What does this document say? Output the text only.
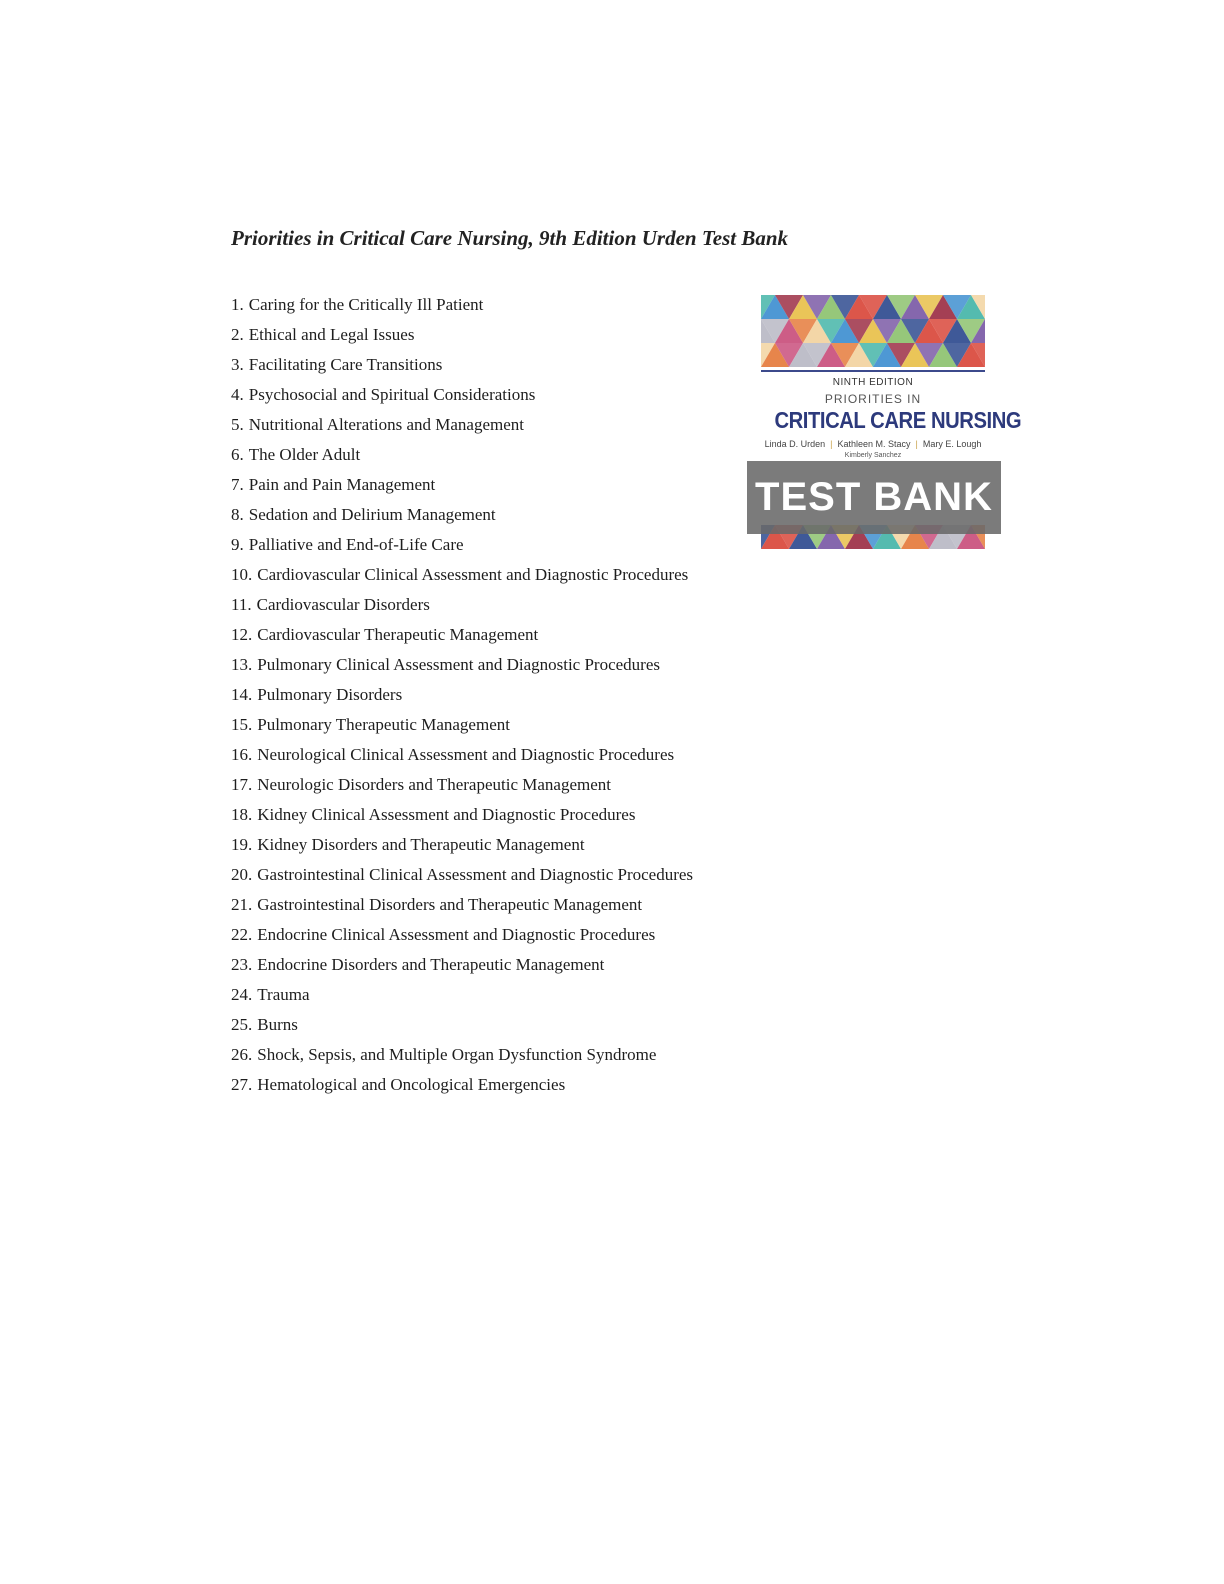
Priorities in Critical Care Nursing, 9th Edition Urden Test Bank
1. Caring for the Critically Ill Patient
2. Ethical and Legal Issues
3. Facilitating Care Transitions
4. Psychosocial and Spiritual Considerations
5. Nutritional Alterations and Management
6. The Older Adult
7. Pain and Pain Management
8. Sedation and Delirium Management
9. Palliative and End-of-Life Care
10. Cardiovascular Clinical Assessment and Diagnostic Procedures
11. Cardiovascular Disorders
12. Cardiovascular Therapeutic Management
13. Pulmonary Clinical Assessment and Diagnostic Procedures
14. Pulmonary Disorders
15. Pulmonary Therapeutic Management
16. Neurological Clinical Assessment and Diagnostic Procedures
17. Neurologic Disorders and Therapeutic Management
18. Kidney Clinical Assessment and Diagnostic Procedures
19. Kidney Disorders and Therapeutic Management
20. Gastrointestinal Clinical Assessment and Diagnostic Procedures
21. Gastrointestinal Disorders and Therapeutic Management
22. Endocrine Clinical Assessment and Diagnostic Procedures
23. Endocrine Disorders and Therapeutic Management
24. Trauma
25. Burns
26. Shock, Sepsis, and Multiple Organ Dysfunction Syndrome
27. Hematological and Oncological Emergencies
NINTH EDITION
PRIORITIES IN
CRITICAL CARE NURSING
Linda D. Urden | Kathleen M. Stacy | Mary E. Lough
Kimberly Sanchez
TEST BANK
